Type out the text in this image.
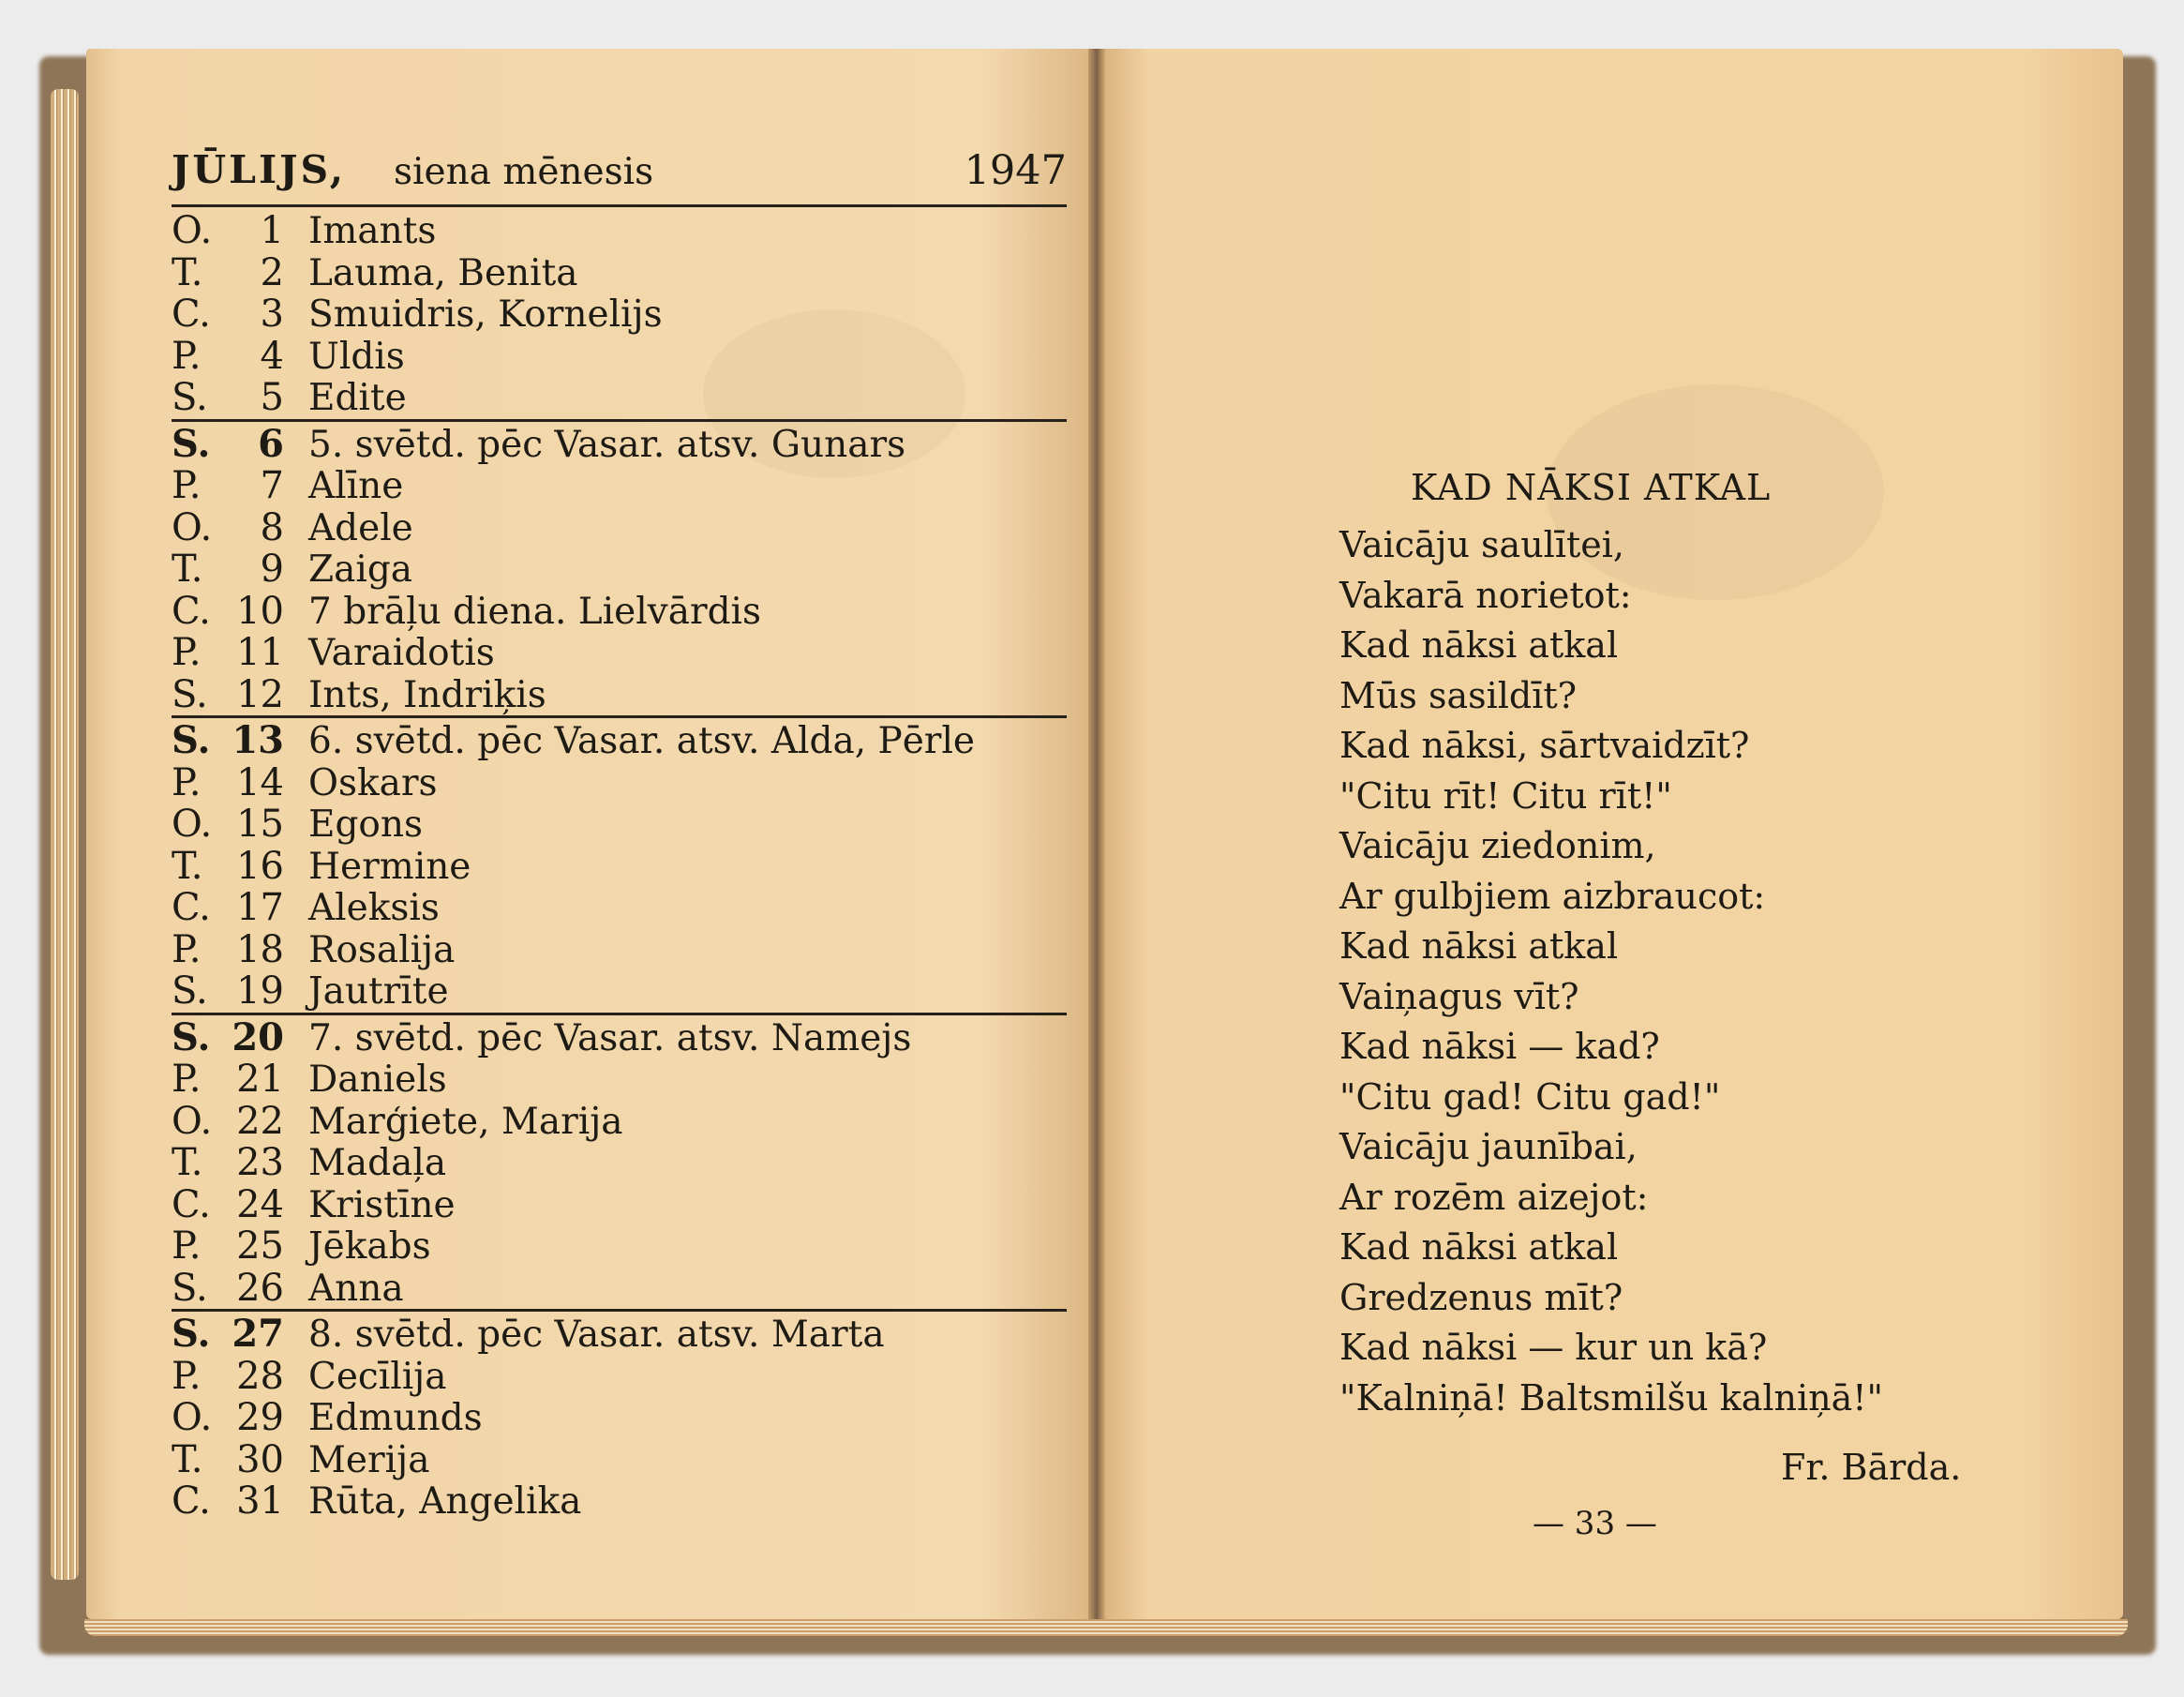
JŪLIJS, siena mēnesis	1947
O.	1 Imants
T.	2 Lauma, Benita
C.	3 Smuidris, Kornelijs
P.	4 Uldis
S.	5 Edite
S.	6 5. svētd. pēc Vasar. atsv. Gunars
P.	7 Alīne
O.	8 Adele
T.	9 Zaiga
C. 10 7 brāļu diena. Lielvārdis
P. 11 Varaidotis
S. 12 Ints, Indriķis
S. 13 6. svētd. pēc Vasar. atsv. Alda, Pērle
P. 14 Oskars
O. 15 Egons
T. 16 Hermine
C. 17 Aleksis
P. 18 Rosalija
S. 19 Jautrīte
S. 20 7. svētd. pēc Vasar. atsv. Namejs
P. 21 Daniels
O. 22 Marģiete, Marija
T. 23 Madaļa
C. 24 Kristīne
P. 25 Jēkabs
S. 26 Anna
S. 27 8. svētd. pēc Vasar. atsv. Marta
P. 28 Cecīlija
O. 29 Edmunds
T. 30 Merija
C. 31 Rūta, Angelika
KAD NĀKSI ATKAL
Vaicāju saulītei,
Vakarā norietot:
Kad nāksi atkal
Mūs sasildīt?
Kad nāksi, sārtvaidzīt?
"Citu rīt! Citu rīt!"
Vaicāju ziedonim,
Ar gulbjiem aizbraucot:
Kad nāksi atkal
Vaiņagus vīt?
Kad nāksi — kad?
"Citu gad! Citu gad!"
Vaicāju jaunībai,
Ar rozēm aizejot:
Kad nāksi atkal
Gredzenus mīt?
Kad nāksi — kur un kā?
"Kalniņā! Baltsmilšu kalniņā!"
Fr. Bārda.
— 33 —
